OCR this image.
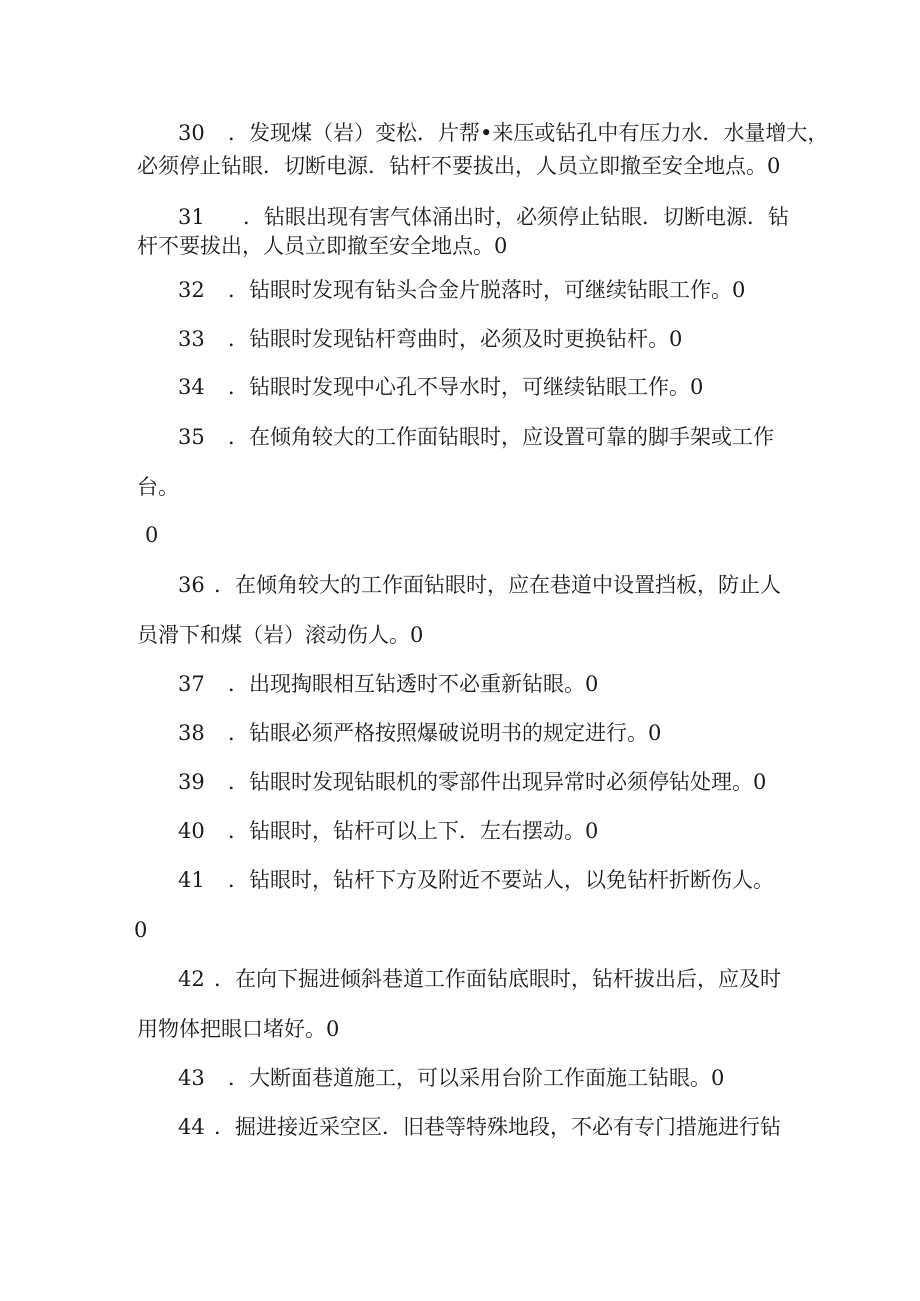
30 ．发现煤（岩）变松．片帮•来压或钻孔中有压力水．水量增大，
必须停止钻眼．切断电源．钻杆不要拔出，人员立即撤至安全地点。0
31 ．钻眼出现有害气体涌出时，必须停止钻眼．切断电源．钻
杆不要拔出，人员立即撤至安全地点。0
32 ．钻眼时发现有钻头合金片脱落时，可继续钻眼工作。0
33 ．钻眼时发现钻杆弯曲时，必须及时更换钻杆。0
34 ．钻眼时发现中心孔不导水时，可继续钻眼工作。0
35 ．在倾角较大的工作面钻眼时，应设置可靠的脚手架或工作
台。
0
36 ．在倾角较大的工作面钻眼时，应在巷道中设置挡板，防止人
员滑下和煤（岩）滚动伤人。0
37 ．出现掏眼相互钻透时不必重新钻眼。0
38 ．钻眼必须严格按照爆破说明书的规定进行。0
39 ．钻眼时发现钻眼机的零部件出现异常时必须停钻处理。0
40 ．钻眼时，钻杆可以上下．左右摆动。0
41 ．钻眼时，钻杆下方及附近不要站人，以免钻杆折断伤人。
0
42 ．在向下掘进倾斜巷道工作面钻底眼时，钻杆拔出后，应及时
用物体把眼口堵好。0
43 ．大断面巷道施工，可以采用台阶工作面施工钻眼。0
44 ．掘进接近采空区．旧巷等特殊地段，不必有专门措施进行钻
